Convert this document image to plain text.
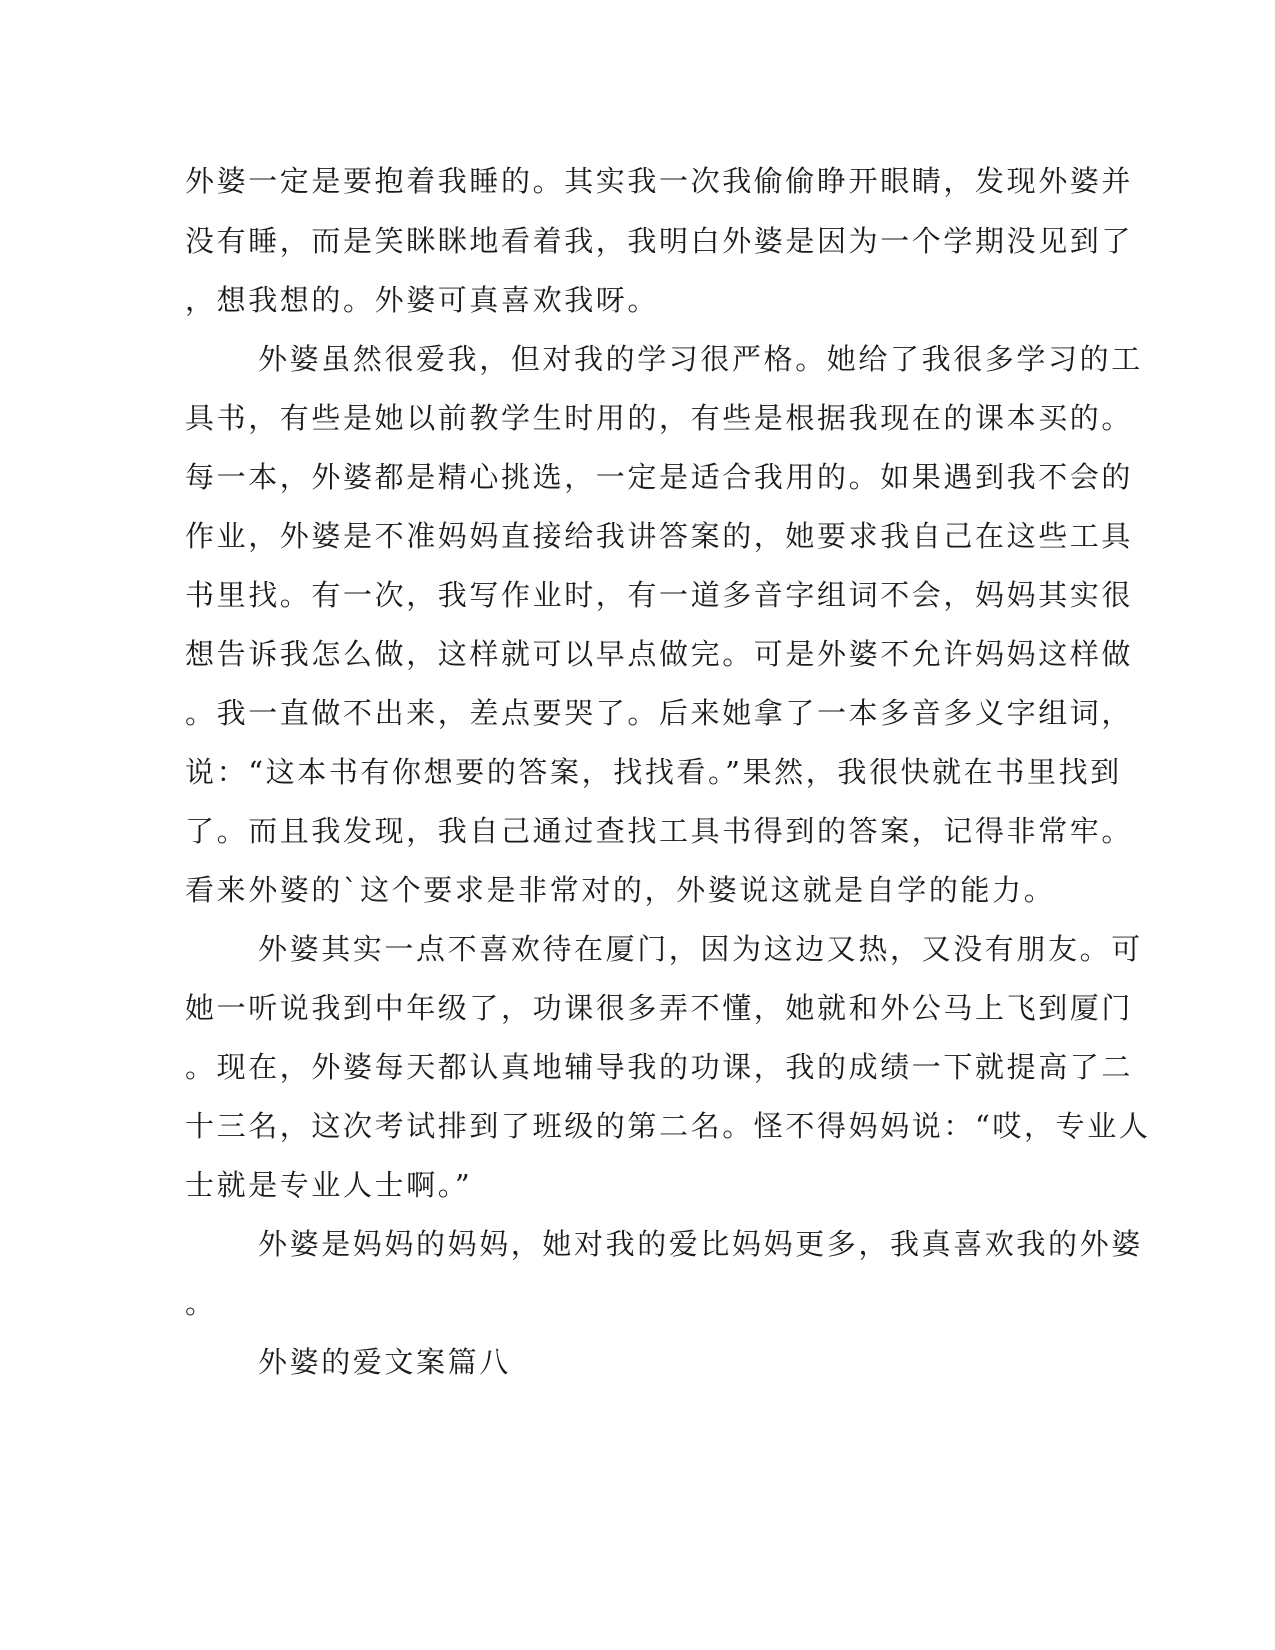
外婆一定是要抱着我睡的。其实我一次我偷偷睁开眼睛，发现外婆并
没有睡，而是笑眯眯地看着我，我明白外婆是因为一个学期没见到了
，想我想的。外婆可真喜欢我呀。
外婆虽然很爱我，但对我的学习很严格。她给了我很多学习的工
具书，有些是她以前教学生时用的，有些是根据我现在的课本买的。
每一本，外婆都是精心挑选，一定是适合我用的。如果遇到我不会的
作业，外婆是不准妈妈直接给我讲答案的，她要求我自己在这些工具
书里找。有一次，我写作业时，有一道多音字组词不会，妈妈其实很
想告诉我怎么做，这样就可以早点做完。可是外婆不允许妈妈这样做
。我一直做不出来，差点要哭了。后来她拿了一本多音多义字组词，
说：“这本书有你想要的答案，找找看。”果然，我很快就在书里找到
了。而且我发现，我自己通过查找工具书得到的答案，记得非常牢。
看来外婆的`这个要求是非常对的，外婆说这就是自学的能力。
外婆其实一点不喜欢待在厦门，因为这边又热，又没有朋友。可
她一听说我到中年级了，功课很多弄不懂，她就和外公马上飞到厦门
。现在，外婆每天都认真地辅导我的功课，我的成绩一下就提高了二
十三名，这次考试排到了班级的第二名。怪不得妈妈说：“哎，专业人
士就是专业人士啊。”
外婆是妈妈的妈妈，她对我的爱比妈妈更多，我真喜欢我的外婆
。
外婆的爱文案篇八
